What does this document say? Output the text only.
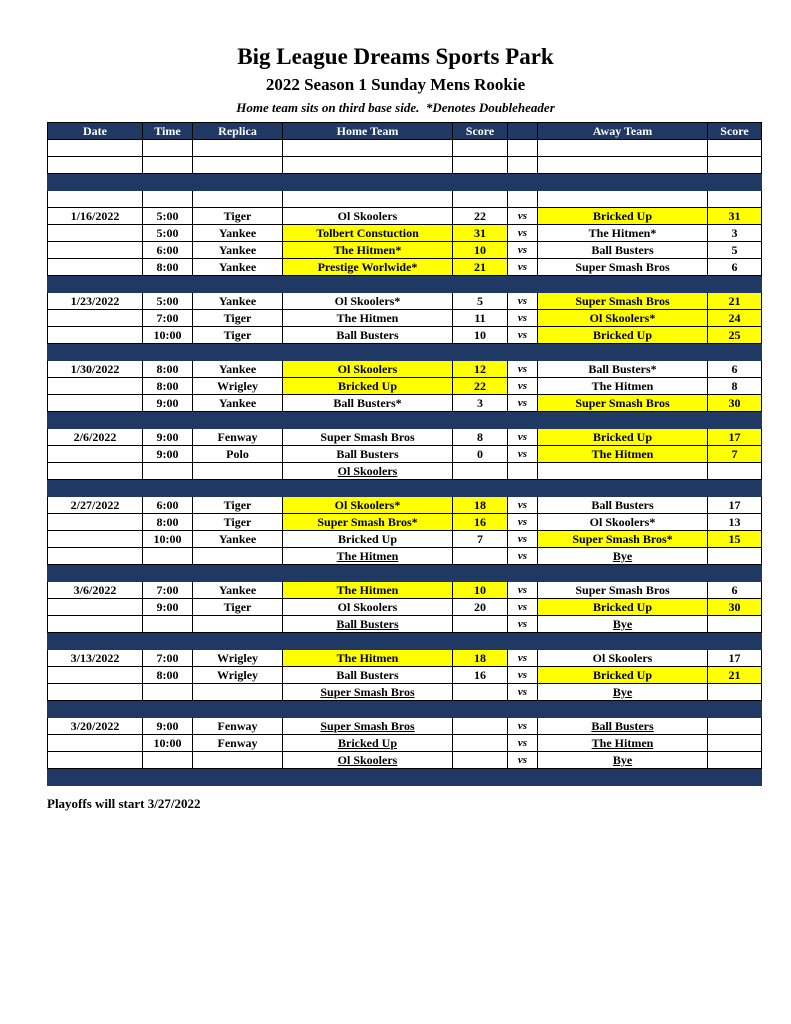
Big League Dreams Sports Park
2022 Season 1 Sunday Mens Rookie
Home team sits on third base side.  *Denotes Doubleheader
Date	Time	Replica	Home Team	Score		Away Team	Score

1/16/2022	5:00	Tiger	Ol Skoolers	22	vs	Bricked Up	31
	5:00	Yankee	Tolbert Constuction	31	vs	The Hitmen*	3
	6:00	Yankee	The Hitmen*	10	vs	Ball Busters	5
	8:00	Yankee	Prestige Worlwide*	21	vs	Super Smash Bros	6

1/23/2022	5:00	Yankee	Ol Skoolers*	5	vs	Super Smash Bros	21
	7:00	Tiger	The Hitmen	11	vs	Ol Skoolers*	24
	10:00	Tiger	Ball Busters	10	vs	Bricked Up	25

1/30/2022	8:00	Yankee	Ol Skoolers	12	vs	Ball Busters*	6
	8:00	Wrigley	Bricked Up	22	vs	The Hitmen	8
	9:00	Yankee	Ball Busters*	3	vs	Super Smash Bros	30

2/6/2022	9:00	Fenway	Super Smash Bros	8	vs	Bricked Up	17
	9:00	Polo	Ball Busters	0	vs	The Hitmen	7
			Ol Skoolers				

2/27/2022	6:00	Tiger	Ol Skoolers*	18	vs	Ball Busters	17
	8:00	Tiger	Super Smash Bros*	16	vs	Ol Skoolers*	13
	10:00	Yankee	Bricked Up	7	vs	Super Smash Bros*	15
			The Hitmen		vs	Bye	

3/6/2022	7:00	Yankee	The Hitmen	10	vs	Super Smash Bros	6
	9:00	Tiger	Ol Skoolers	20	vs	Bricked Up	30
			Ball Busters		vs	Bye	

3/13/2022	7:00	Wrigley	The Hitmen	18	vs	Ol Skoolers	17
	8:00	Wrigley	Ball Busters	16	vs	Bricked Up	21
			Super Smash Bros		vs	Bye	

3/20/2022	9:00	Fenway	Super Smash Bros		vs	Ball Busters	
	10:00	Fenway	Bricked Up		vs	The Hitmen	
			Ol Skoolers		vs	Bye	

Playoffs will start 3/27/2022
